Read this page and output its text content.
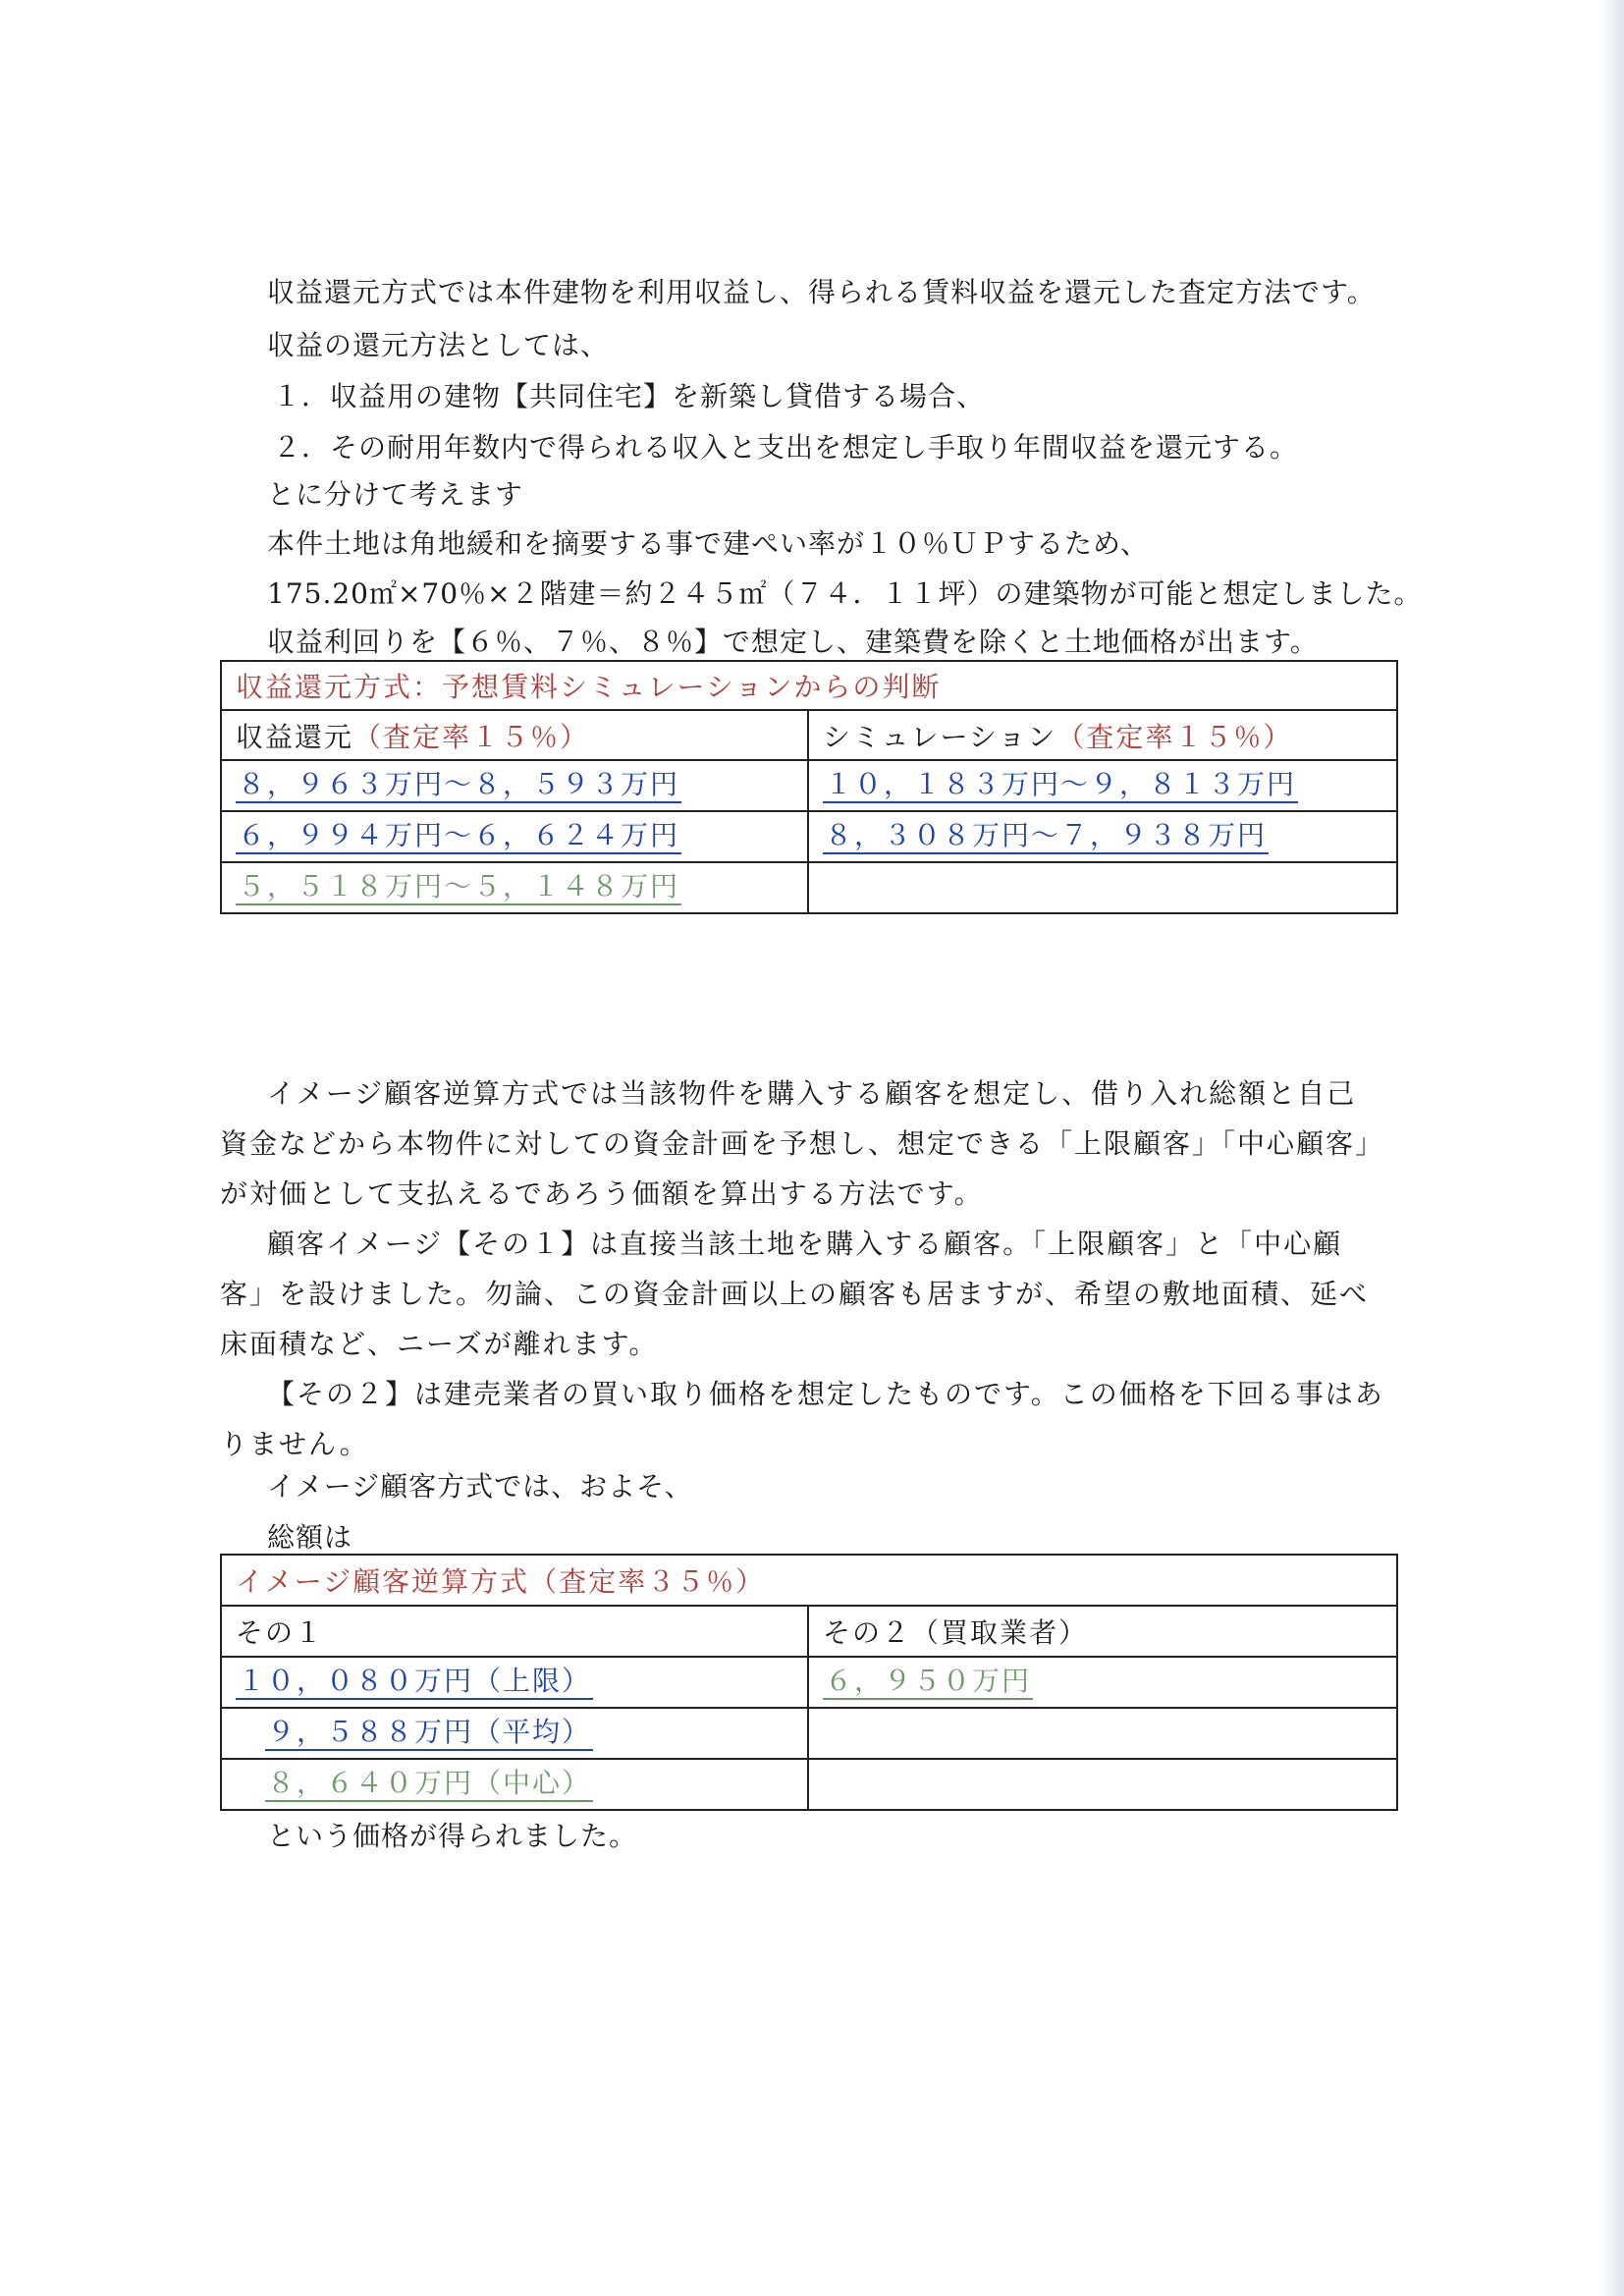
収益還元方式では本件建物を利用収益し、得られる賃料収益を還元した査定方法です。
収益の還元方法としては、
１．収益用の建物【共同住宅】を新築し貸借する場合、
２．その耐用年数内で得られる収入と支出を想定し手取り年間収益を還元する。
とに分けて考えます
本件土地は角地緩和を摘要する事で建ぺい率が１０％ＵＰするため、
175.20㎡×70％×２階建＝約２４５㎡（７４．１１坪）の建築物が可能と想定しました。
収益利回りを【６％、７％、８％】で想定し、建築費を除くと土地価格が出ます。
収益還元方式：予想賃料シミュレーションからの判断	
収益還元（査定率１５％）	シミュレーション（査定率１５％）
８，９６３万円～８，５９３万円	１０，１８３万円～９，８１３万円
６，９９４万円～６，６２４万円	８，３０８万円～７，９３８万円
５，５１８万円～５，１４８万円	
イメージ顧客逆算方式では当該物件を購入する顧客を想定し、借り入れ総額と自己資金などから本物件に対しての資金計画を予想し、想定できる「上限顧客」「中心顧客」が対価として支払えるであろう価額を算出する方法です。
顧客イメージ【その１】は直接当該土地を購入する顧客。「上限顧客」と「中心顧客」を設けました。勿論、この資金計画以上の顧客も居ますが、希望の敷地面積、延べ床面積など、ニーズが離れます。
【その２】は建売業者の買い取り価格を想定したものです。この価格を下回る事はありません。
イメージ顧客方式では、およそ、
総額は
イメージ顧客逆算方式（査定率３５％）	
その１	その２（買取業者）
１０，０８０万円（上限）	６，９５０万円
９，５８８万円（平均）	
８，６４０万円（中心）	
という価格が得られました。
